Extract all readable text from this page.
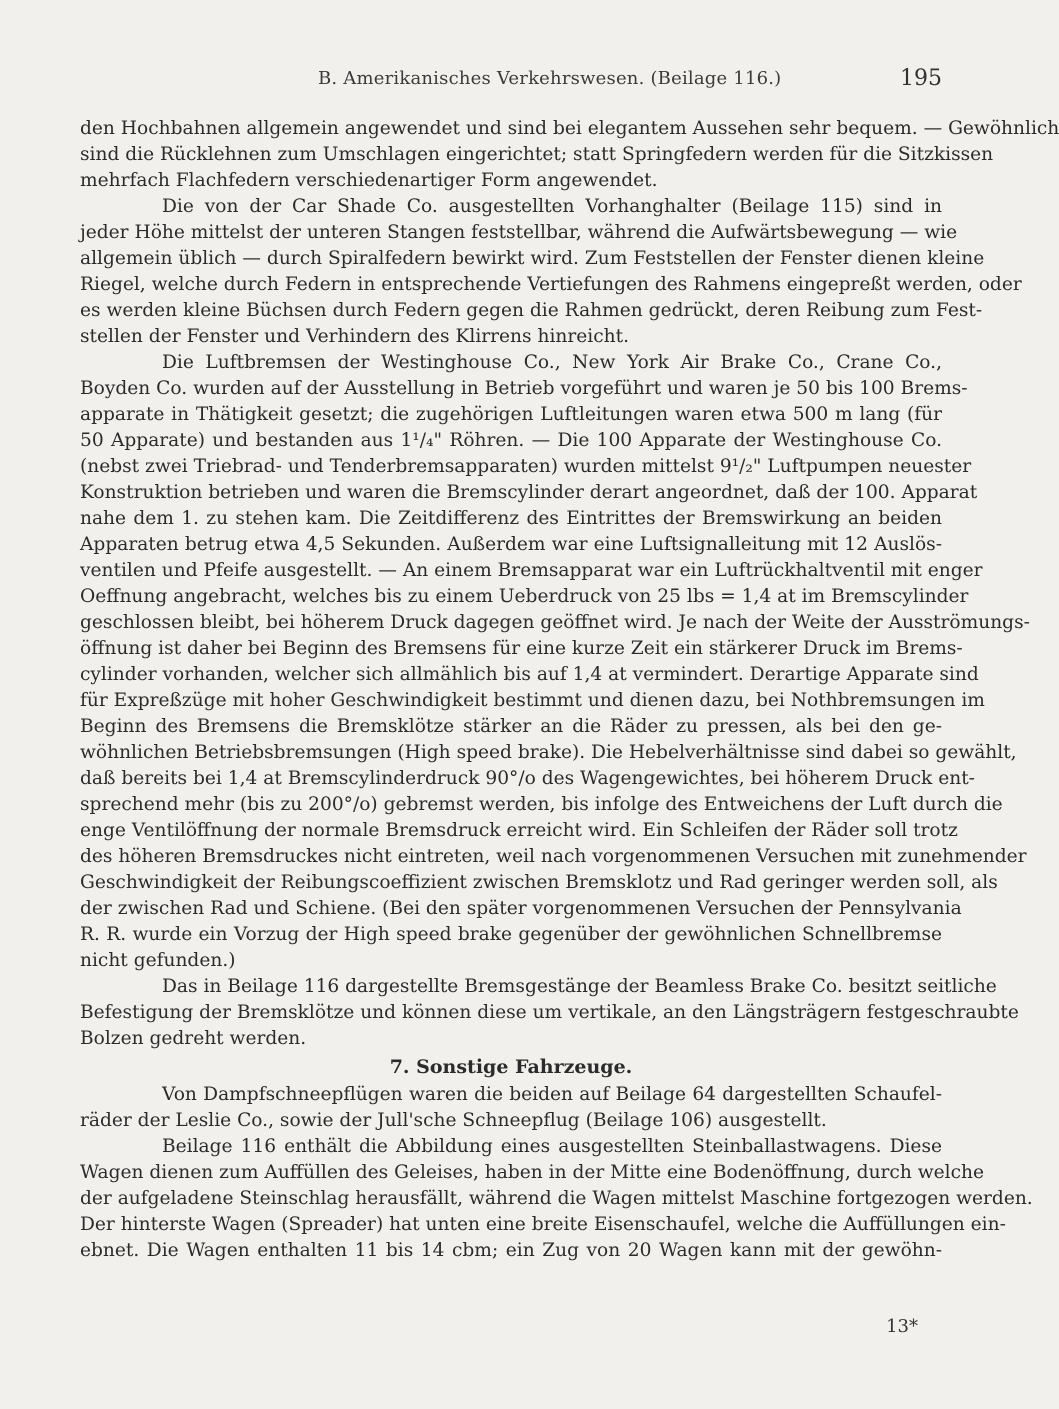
B. Amerikanisches Verkehrswesen. (Beilage 116.)	195
den Hochbahnen allgemein angewendet und sind bei elegantem Aussehen sehr bequem. — Gewöhnlich
sind die Rücklehnen zum Umschlagen eingerichtet; statt Springfedern werden für die Sitzkissen
mehrfach Flachfedern verschiedenartiger Form angewendet.
Die von der Car Shade Co. ausgestellten Vorhanghalter (Beilage 115) sind in
jeder Höhe mittelst der unteren Stangen feststellbar, während die Aufwärtsbewegung — wie
allgemein üblich — durch Spiralfedern bewirkt wird. Zum Feststellen der Fenster dienen kleine
Riegel, welche durch Federn in entsprechende Vertiefungen des Rahmens eingepreßt werden, oder
es werden kleine Büchsen durch Federn gegen die Rahmen gedrückt, deren Reibung zum Fest-
stellen der Fenster und Verhindern des Klirrens hinreicht.
Die Luftbremsen der Westinghouse Co., New York Air Brake Co., Crane Co.,
Boyden Co. wurden auf der Ausstellung in Betrieb vorgeführt und waren je 50 bis 100 Brems-
apparate in Thätigkeit gesetzt; die zugehörigen Luftleitungen waren etwa 500 m lang (für
50 Apparate) und bestanden aus 1¹/₄" Röhren. — Die 100 Apparate der Westinghouse Co.
(nebst zwei Triebrad- und Tenderbremsapparaten) wurden mittelst 9¹/₂" Luftpumpen neuester
Konstruktion betrieben und waren die Bremscylinder derart angeordnet, daß der 100. Apparat
nahe dem 1. zu stehen kam. Die Zeitdifferenz des Eintrittes der Bremswirkung an beiden
Apparaten betrug etwa 4,5 Sekunden. Außerdem war eine Luftsignalleitung mit 12 Auslös-
ventilen und Pfeife ausgestellt. — An einem Bremsapparat war ein Luftrückhaltventil mit enger
Oeffnung angebracht, welches bis zu einem Ueberdruck von 25 lbs = 1,4 at im Bremscylinder
geschlossen bleibt, bei höherem Druck dagegen geöffnet wird. Je nach der Weite der Ausströmungs-
öffnung ist daher bei Beginn des Bremsens für eine kurze Zeit ein stärkerer Druck im Brems-
cylinder vorhanden, welcher sich allmählich bis auf 1,4 at vermindert. Derartige Apparate sind
für Expreßzüge mit hoher Geschwindigkeit bestimmt und dienen dazu, bei Nothbremsungen im
Beginn des Bremsens die Bremsklötze stärker an die Räder zu pressen, als bei den ge-
wöhnlichen Betriebsbremsungen (High speed brake). Die Hebelverhältnisse sind dabei so gewählt,
daß bereits bei 1,4 at Bremscylinderdruck 90°/o des Wagengewichtes, bei höherem Druck ent-
sprechend mehr (bis zu 200°/o) gebremst werden, bis infolge des Entweichens der Luft durch die
enge Ventilöffnung der normale Bremsdruck erreicht wird. Ein Schleifen der Räder soll trotz
des höheren Bremsdruckes nicht eintreten, weil nach vorgenommenen Versuchen mit zunehmender
Geschwindigkeit der Reibungscoeffizient zwischen Bremsklotz und Rad geringer werden soll, als
der zwischen Rad und Schiene. (Bei den später vorgenommenen Versuchen der Pennsylvania
R. R. wurde ein Vorzug der High speed brake gegenüber der gewöhnlichen Schnellbremse
nicht gefunden.)
Das in Beilage 116 dargestellte Bremsgestänge der Beamless Brake Co. besitzt seitliche
Befestigung der Bremsklötze und können diese um vertikale, an den Längsträgern festgeschraubte
Bolzen gedreht werden.
7. Sonstige Fahrzeuge.
Von Dampfschneepflügen waren die beiden auf Beilage 64 dargestellten Schaufel-
räder der Leslie Co., sowie der Jull'sche Schneepflug (Beilage 106) ausgestellt.
Beilage 116 enthält die Abbildung eines ausgestellten Steinballastwagens. Diese
Wagen dienen zum Auffüllen des Geleises, haben in der Mitte eine Bodenöffnung, durch welche
der aufgeladene Steinschlag herausfällt, während die Wagen mittelst Maschine fortgezogen werden.
Der hinterste Wagen (Spreader) hat unten eine breite Eisenschaufel, welche die Auffüllungen ein-
ebnet. Die Wagen enthalten 11 bis 14 cbm; ein Zug von 20 Wagen kann mit der gewöhn-
13*
